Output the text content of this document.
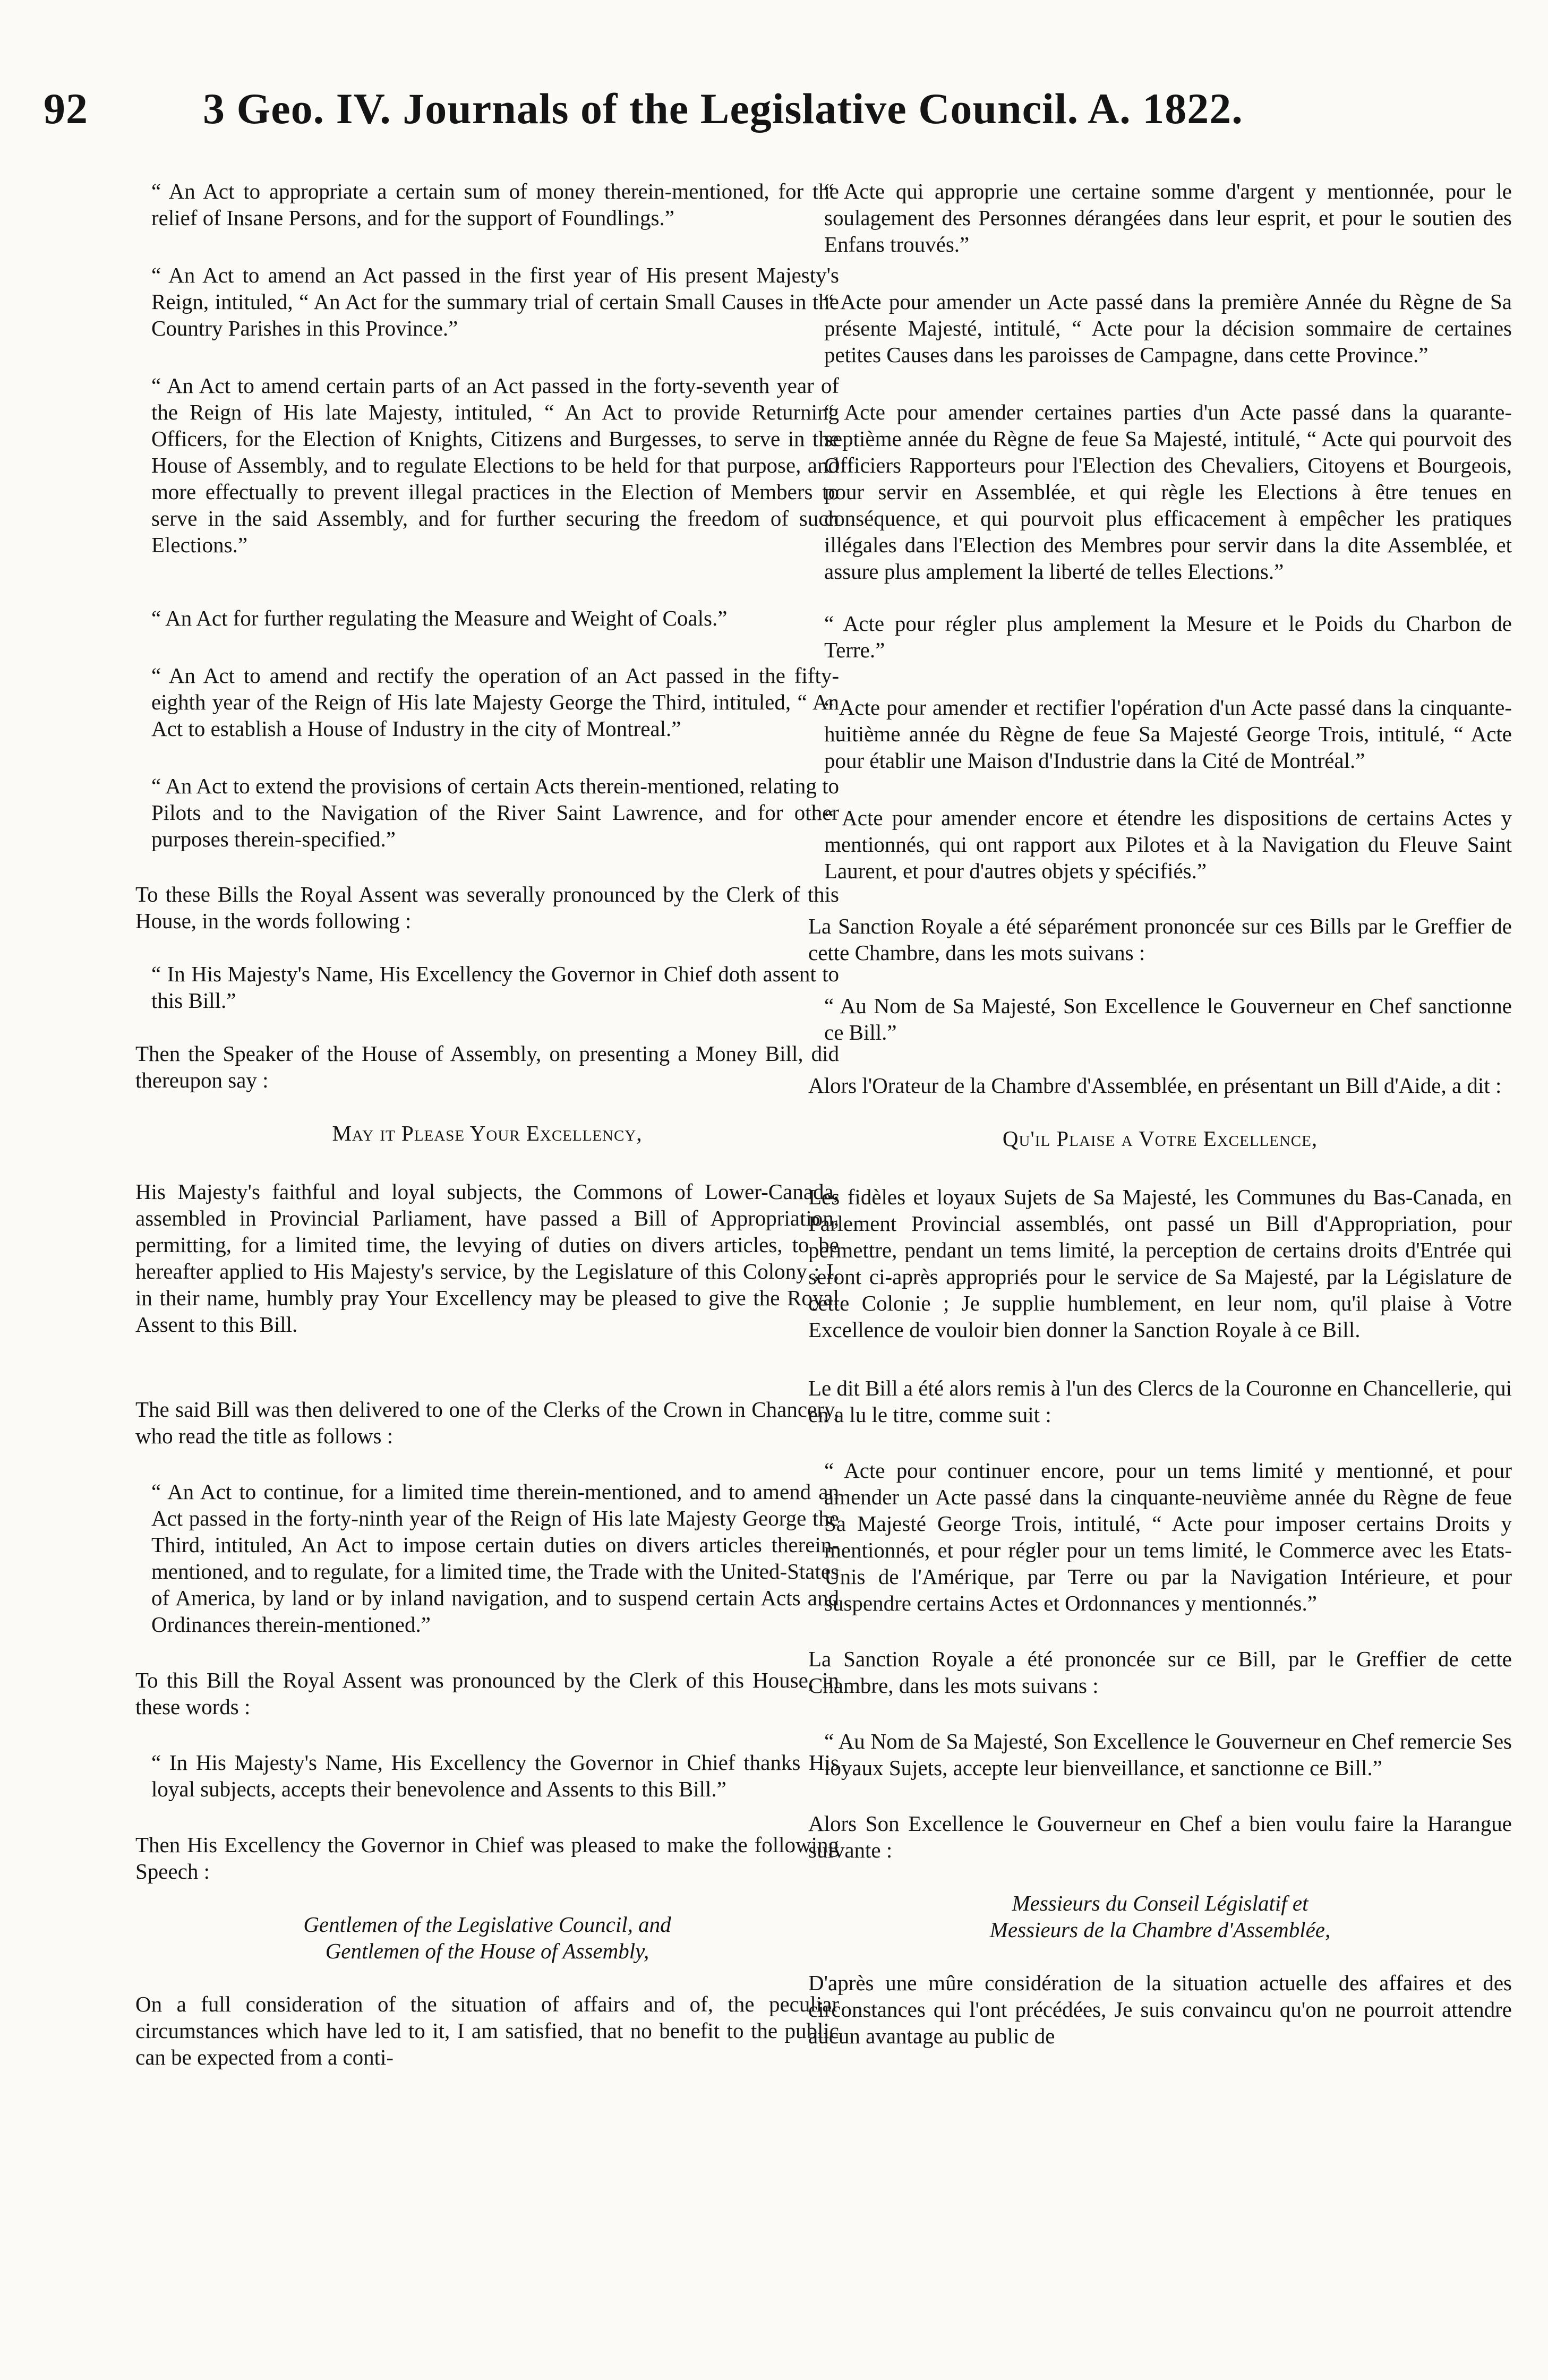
92	3 Geo. IV. Journals of the Legislative Council. A. 1822.
“ An Act to appropriate a certain sum of money therein-mentioned, for the relief of Insane Persons, and for the support of Foundlings.”
“ An Act to amend an Act passed in the first year of His present Majesty's Reign, intituled, “ An Act for the summary trial of certain Small Causes in the Country Parishes in this Province.”
“ An Act to amend certain parts of an Act passed in the forty-seventh year of the Reign of His late Majesty, intituled, “ An Act to provide Returning Officers, for the Election of Knights, Citizens and Burgesses, to serve in the House of Assembly, and to regulate Elections to be held for that purpose, and more effectually to prevent illegal practices in the Election of Members to serve in the said Assembly, and for further securing the freedom of such Elections.”
“ An Act for further regulating the Measure and Weight of Coals.”
“ An Act to amend and rectify the operation of an Act passed in the fifty-eighth year of the Reign of His late Majesty George the Third, intituled, “ An Act to establish a House of Industry in the city of Montreal.”
“ An Act to extend the provisions of certain Acts therein-mentioned, relating to Pilots and to the Navigation of the River Saint Lawrence, and for other purposes therein-specified.”
To these Bills the Royal Assent was severally pronounced by the Clerk of this House, in the words following :
“ In His Majesty's Name, His Excellency the Governor in Chief doth assent to this Bill.”
Then the Speaker of the House of Assembly, on presenting a Money Bill, did thereupon say :
May it Please Your Excellency,
His Majesty's faithful and loyal subjects, the Commons of Lower-Canada, assembled in Provincial Parliament, have passed a Bill of Appropriation, permitting, for a limited time, the levying of duties on divers articles, to be hereafter applied to His Majesty's service, by the Legislature of this Colony ; I, in their name, humbly pray Your Excellency may be pleased to give the Royal Assent to this Bill.
The said Bill was then delivered to one of the Clerks of the Crown in Chancery, who read the title as follows :
“ An Act to continue, for a limited time therein-mentioned, and to amend an Act passed in the forty-ninth year of the Reign of His late Majesty George the Third, intituled, An Act to impose certain duties on divers articles therein-mentioned, and to regulate, for a limited time, the Trade with the United-States of America, by land or by inland navigation, and to suspend certain Acts and Ordinances therein-mentioned.”
To this Bill the Royal Assent was pronounced by the Clerk of this House, in these words :
“ In His Majesty's Name, His Excellency the Governor in Chief thanks His loyal subjects, accepts their benevolence and Assents to this Bill.”
Then His Excellency the Governor in Chief was pleased to make the following Speech :
Gentlemen of the Legislative Council, and
Gentlemen of the House of Assembly,
On a full consideration of the situation of affairs and of, the peculiar circumstances which have led to it, I am satisfied, that no benefit to the public can be expected from a conti-
“ Acte qui approprie une certaine somme d'argent y mentionnée, pour le soulagement des Personnes dérangées dans leur esprit, et pour le soutien des Enfans trouvés.”
“ Acte pour amender un Acte passé dans la première Année du Règne de Sa présente Majesté, intitulé, “ Acte pour la décision sommaire de certaines petites Causes dans les paroisses de Campagne, dans cette Province.”
“ Acte pour amender certaines parties d'un Acte passé dans la quarante-septième année du Règne de feue Sa Majesté, intitulé, “ Acte qui pourvoit des Officiers Rapporteurs pour l'Election des Chevaliers, Citoyens et Bourgeois, pour servir en Assemblée, et qui règle les Elections à être tenues en conséquence, et qui pourvoit plus efficacement à empêcher les pratiques illégales dans l'Election des Membres pour servir dans la dite Assemblée, et assure plus amplement la liberté de telles Elections.”
“ Acte pour régler plus amplement la Mesure et le Poids du Charbon de Terre.”
“ Acte pour amender et rectifier l'opération d'un Acte passé dans la cinquante-huitième année du Règne de feue Sa Majesté George Trois, intitulé, “ Acte pour établir une Maison d'Industrie dans la Cité de Montréal.”
“ Acte pour amender encore et étendre les dispositions de certains Actes y mentionnés, qui ont rapport aux Pilotes et à la Navigation du Fleuve Saint Laurent, et pour d'autres objets y spécifiés.”
La Sanction Royale a été séparément prononcée sur ces Bills par le Greffier de cette Chambre, dans les mots suivans :
“ Au Nom de Sa Majesté, Son Excellence le Gouverneur en Chef sanctionne ce Bill.”
Alors l'Orateur de la Chambre d'Assemblée, en présentant un Bill d'Aide, a dit :
Qu'il Plaise a Votre Excellence,
Les fidèles et loyaux Sujets de Sa Majesté, les Communes du Bas-Canada, en Parlement Provincial assemblés, ont passé un Bill d'Appropriation, pour permettre, pendant un tems limité, la perception de certains droits d'Entrée qui seront ci-après appropriés pour le service de Sa Majesté, par la Législature de cette Colonie ; Je supplie humblement, en leur nom, qu'il plaise à Votre Excellence de vouloir bien donner la Sanction Royale à ce Bill.
Le dit Bill a été alors remis à l'un des Clercs de la Couronne en Chancellerie, qui en a lu le titre, comme suit :
“ Acte pour continuer encore, pour un tems limité y mentionné, et pour amender un Acte passé dans la cinquante-neuvième année du Règne de feue Sa Majesté George Trois, intitulé, “ Acte pour imposer certains Droits y mentionnés, et pour régler pour un tems limité, le Commerce avec les Etats-Unis de l'Amérique, par Terre ou par la Navigation Intérieure, et pour suspendre certains Actes et Ordonnances y mentionnés.”
La Sanction Royale a été prononcée sur ce Bill, par le Greffier de cette Chambre, dans les mots suivans :
“ Au Nom de Sa Majesté, Son Excellence le Gouverneur en Chef remercie Ses loyaux Sujets, accepte leur bienveillance, et sanctionne ce Bill.”
Alors Son Excellence le Gouverneur en Chef a bien voulu faire la Harangue suivante :
Messieurs du Conseil Législatif et
Messieurs de la Chambre d'Assemblée,
D'après une mûre considération de la situation actuelle des affaires et des circonstances qui l'ont précédées, Je suis convaincu qu'on ne pourroit attendre aucun avantage au public de
